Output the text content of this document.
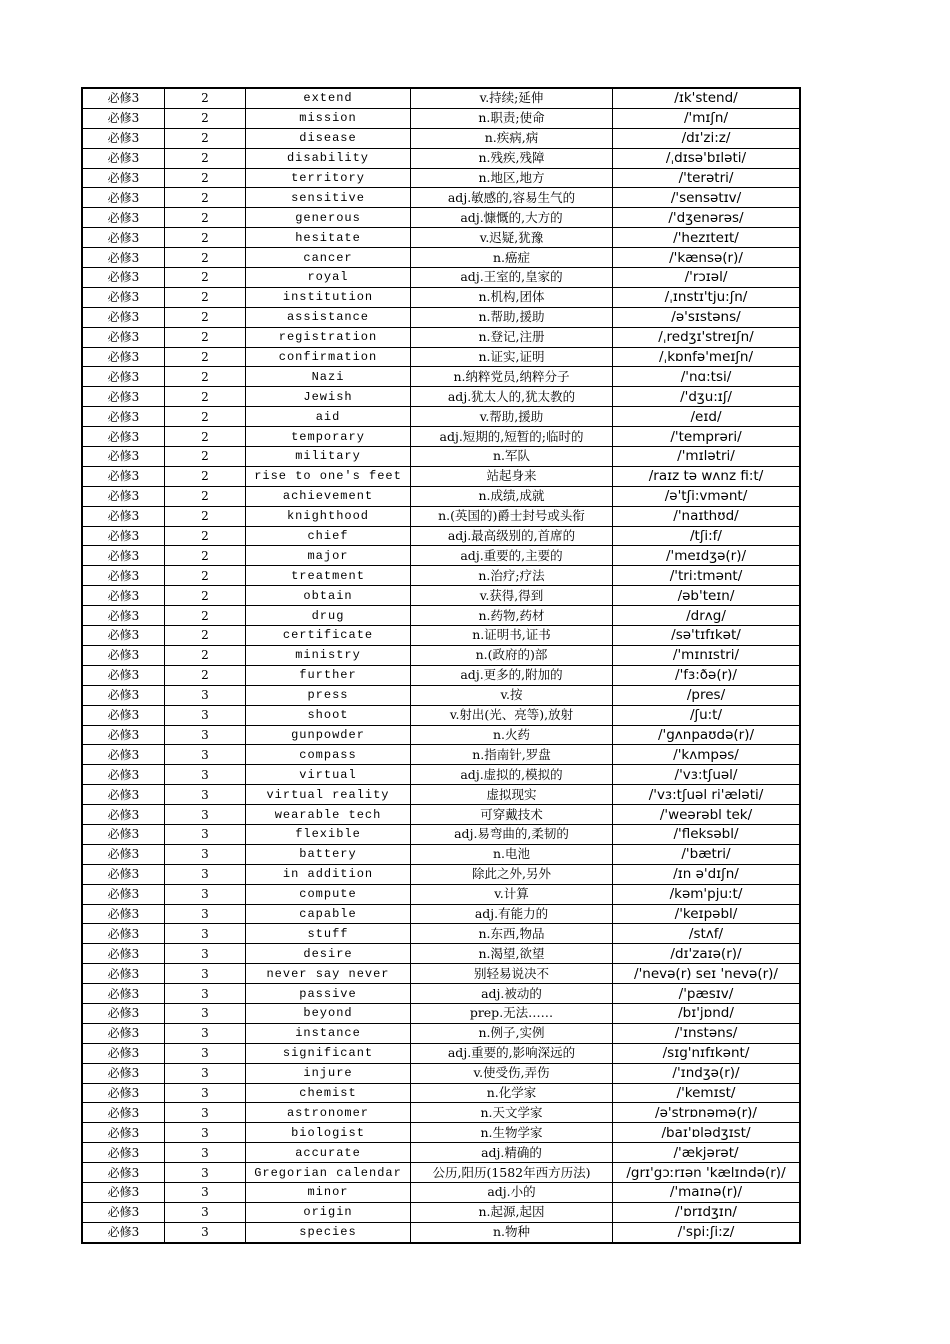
必修3	2	extend	v.持续;延伸	/ɪk'stend/
必修3	2	mission	n.职责;使命	/'mɪʃn/
必修3	2	disease	n.疾病,病	/dɪ'zi:z/
必修3	2	disability	n.残疾,残障	/ˌdɪsə'bɪləti/
必修3	2	territory	n.地区,地方	/'terətri/
必修3	2	sensitive	adj.敏感的,容易生气的	/'sensətɪv/
必修3	2	generous	adj.慷慨的,大方的	/'dʒenərəs/
必修3	2	hesitate	v.迟疑,犹豫	/'hezɪteɪt/
必修3	2	cancer	n.癌症	/'kænsə(r)/
必修3	2	royal	adj.王室的,皇家的	/'rɔɪəl/
必修3	2	institution	n.机构,团体	/ˌɪnstɪ'tju:ʃn/
必修3	2	assistance	n.帮助,援助	/ə'sɪstəns/
必修3	2	registration	n.登记,注册	/ˌredʒɪ'streɪʃn/
必修3	2	confirmation	n.证实,证明	/ˌkɒnfə'meɪʃn/
必修3	2	Nazi	n.纳粹党员,纳粹分子	/'nɑ:tsi/
必修3	2	Jewish	adj.犹太人的,犹太教的	/'dʒu:ɪʃ/
必修3	2	aid	v.帮助,援助	/eɪd/
必修3	2	temporary	adj.短期的,短暂的;临时的	/'temprəri/
必修3	2	military	n.军队	/'mɪlətri/
必修3	2	rise to one's feet	站起身来	/raɪz tə wʌnz fi:t/
必修3	2	achievement	n.成绩,成就	/ə'tʃi:vmənt/
必修3	2	knighthood	n.(英国的)爵士封号或头衔	/'naɪthʊd/
必修3	2	chief	adj.最高级别的,首席的	/tʃi:f/
必修3	2	major	adj.重要的,主要的	/'meɪdʒə(r)/
必修3	2	treatment	n.治疗;疗法	/'tri:tmənt/
必修3	2	obtain	v.获得,得到	/əb'teɪn/
必修3	2	drug	n.药物,药材	/drʌg/
必修3	2	certificate	n.证明书,证书	/sə'tɪfɪkət/
必修3	2	ministry	n.(政府的)部	/'mɪnɪstri/
必修3	2	further	adj.更多的,附加的	/'fɜ:ðə(r)/
必修3	3	press	v.按	/pres/
必修3	3	shoot	v.射出(光、亮等),放射	/ʃu:t/
必修3	3	gunpowder	n.火药	/'gʌnpaʊdə(r)/
必修3	3	compass	n.指南针,罗盘	/'kʌmpəs/
必修3	3	virtual	adj.虚拟的,模拟的	/'vɜ:tʃuəl/
必修3	3	virtual reality	虚拟现实	/'vɜ:tʃuəl ri'æləti/
必修3	3	wearable tech	可穿戴技术	/'weərəbl tek/
必修3	3	flexible	adj.易弯曲的,柔韧的	/'fleksəbl/
必修3	3	battery	n.电池	/'bætri/
必修3	3	in addition	除此之外,另外	/ɪn ə'dɪʃn/
必修3	3	compute	v.计算	/kəm'pju:t/
必修3	3	capable	adj.有能力的	/'keɪpəbl/
必修3	3	stuff	n.东西,物品	/stʌf/
必修3	3	desire	n.渴望,欲望	/dɪ'zaɪə(r)/
必修3	3	never say never	别轻易说决不	/'nevə(r) seɪ 'nevə(r)/
必修3	3	passive	adj.被动的	/'pæsɪv/
必修3	3	beyond	prep.无法……	/bɪ'jɒnd/
必修3	3	instance	n.例子,实例	/'ɪnstəns/
必修3	3	significant	adj.重要的,影响深远的	/sɪg'nɪfɪkənt/
必修3	3	injure	v.使受伤,弄伤	/'ɪndʒə(r)/
必修3	3	chemist	n.化学家	/'kemɪst/
必修3	3	astronomer	n.天文学家	/ə'strɒnəmə(r)/
必修3	3	biologist	n.生物学家	/baɪ'ɒlədʒɪst/
必修3	3	accurate	adj.精确的	/'ækjərət/
必修3	3	Gregorian calendar	公历,阳历(1582年西方历法)	/grɪ'gɔːrɪən 'kælɪndə(r)/
必修3	3	minor	adj.小的	/'maɪnə(r)/
必修3	3	origin	n.起源,起因	/'ɒrɪdʒɪn/
必修3	3	species	n.物种	/'spi:ʃi:z/
